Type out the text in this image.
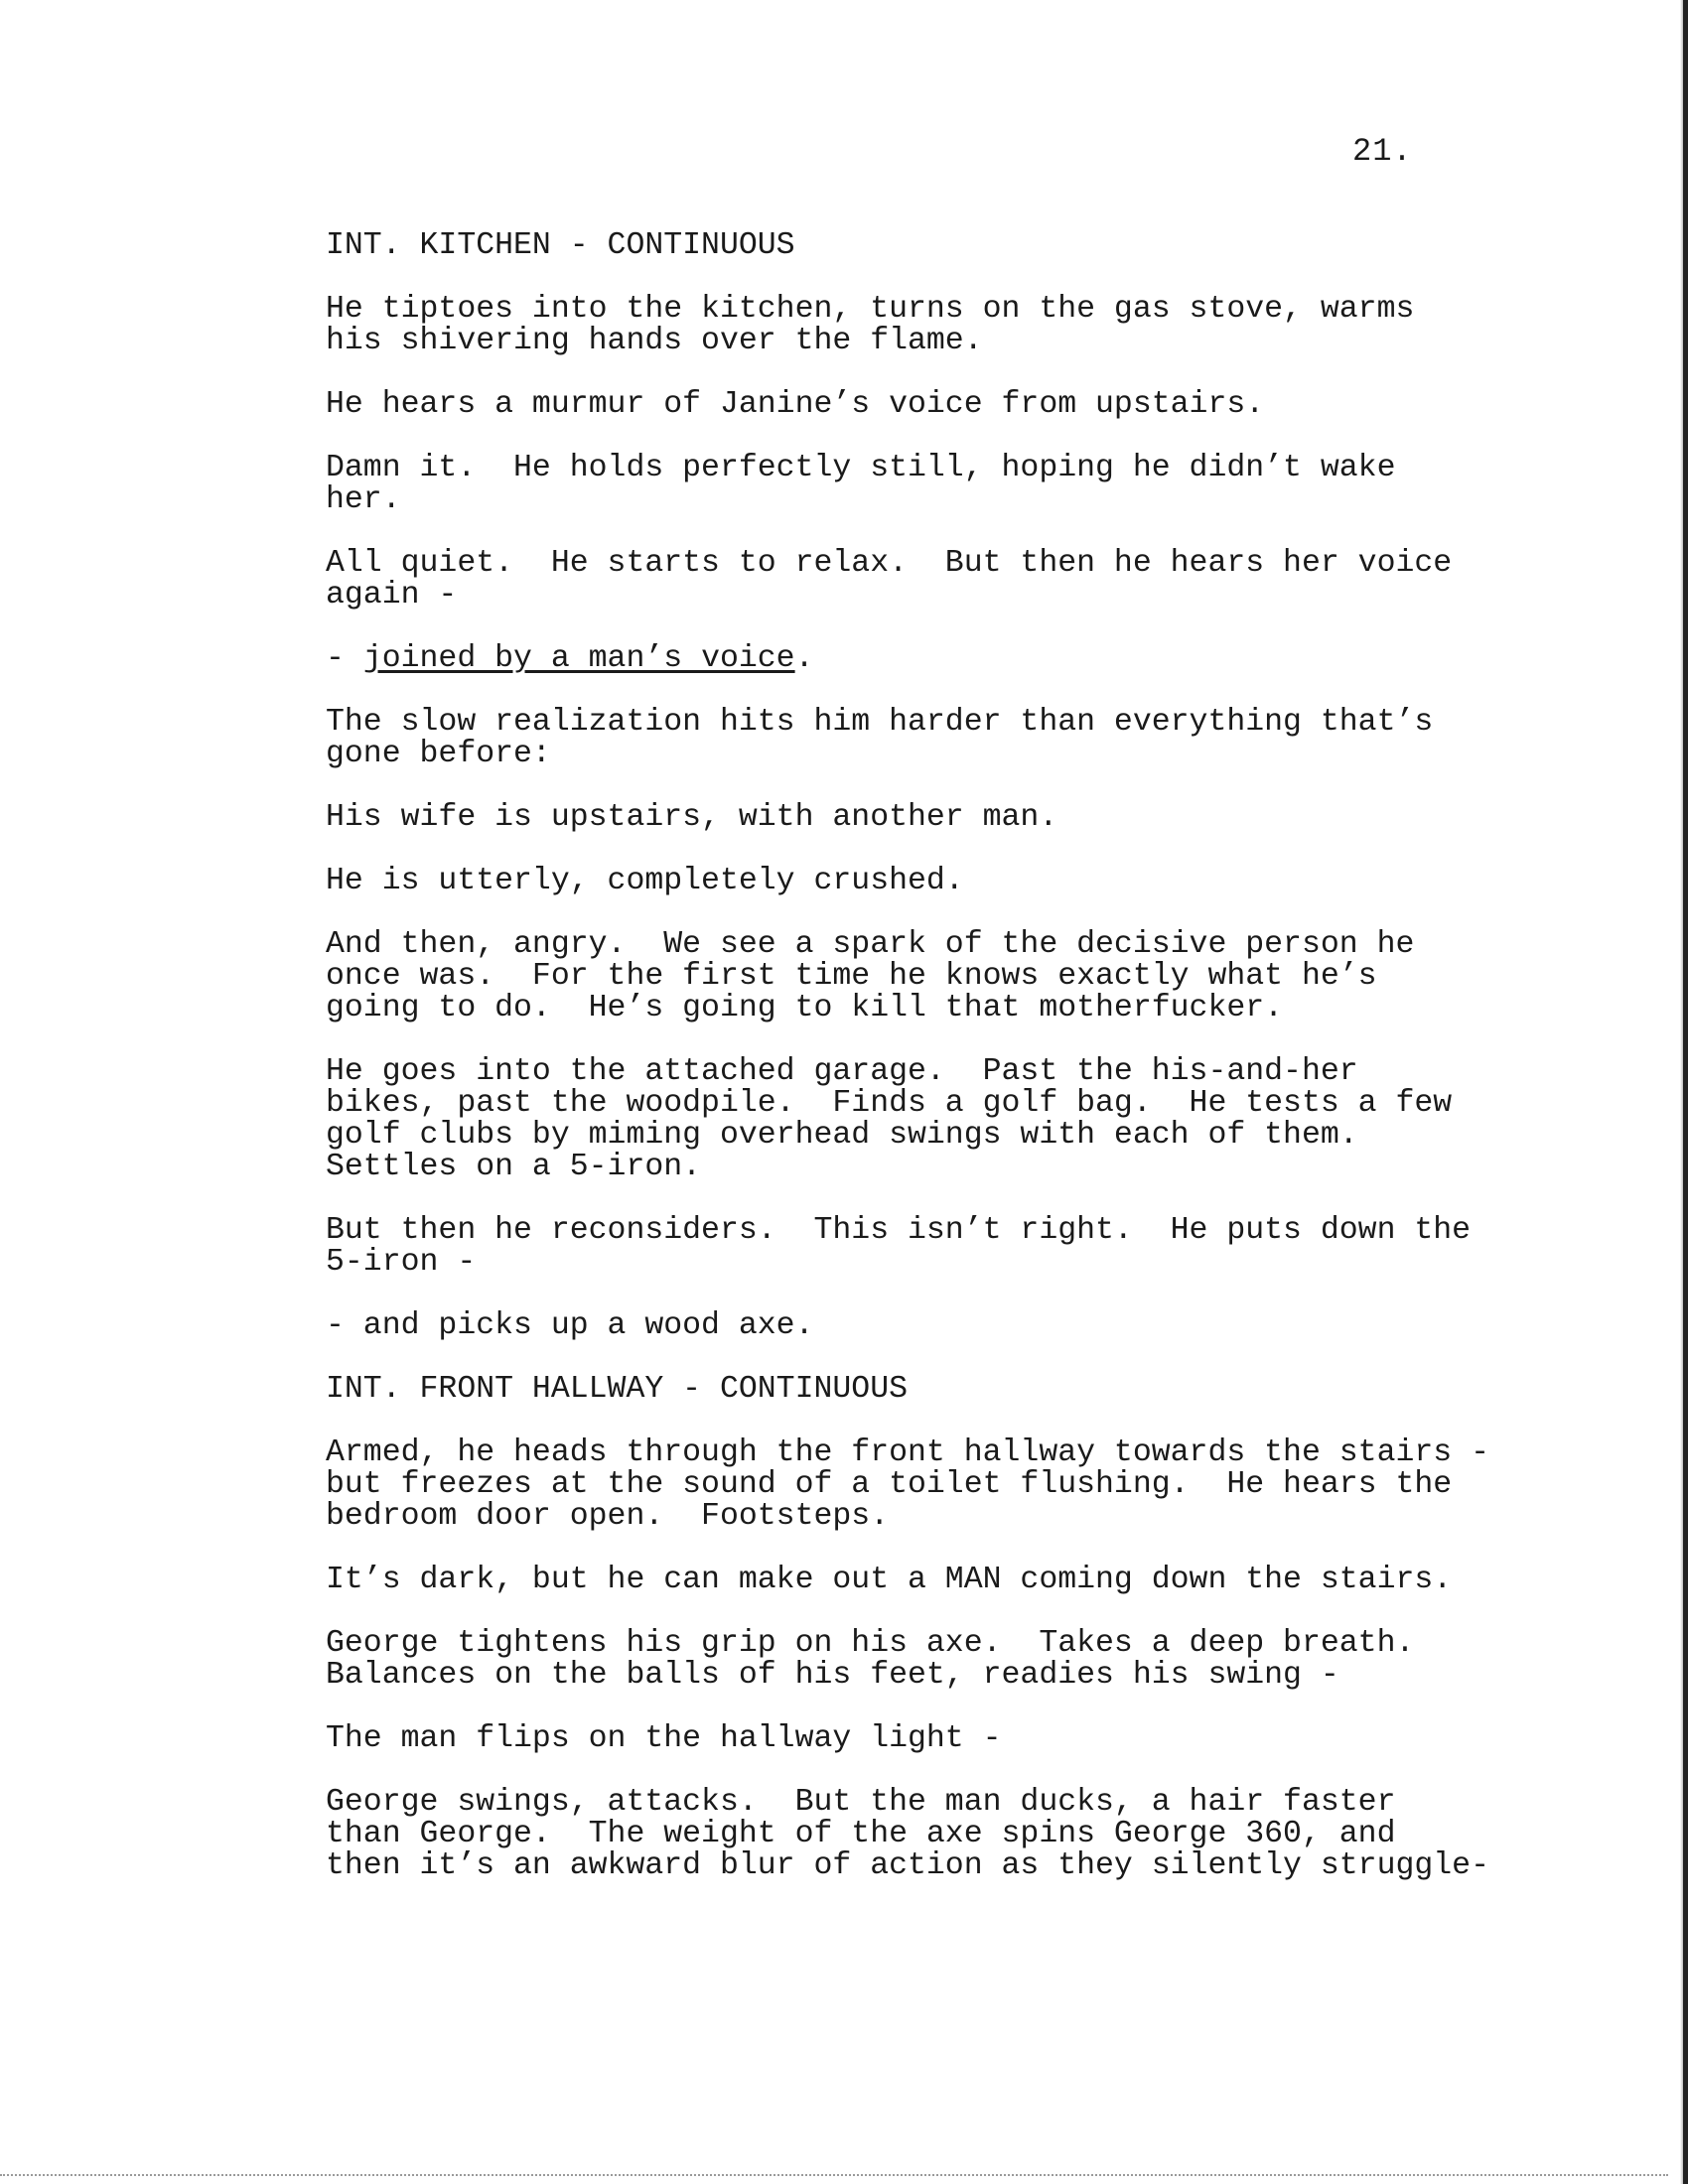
21.

INT. KITCHEN - CONTINUOUS

He tiptoes into the kitchen, turns on the gas stove, warms
his shivering hands over the flame.

He hears a murmur of Janine’s voice from upstairs.

Damn it.  He holds perfectly still, hoping he didn’t wake
her.

All quiet.  He starts to relax.  But then he hears her voice
again -

- joined by a man’s voice.

The slow realization hits him harder than everything that’s
gone before:

His wife is upstairs, with another man.

He is utterly, completely crushed.

And then, angry.  We see a spark of the decisive person he
once was.  For the first time he knows exactly what he’s
going to do.  He’s going to kill that motherfucker.

He goes into the attached garage.  Past the his-and-her
bikes, past the woodpile.  Finds a golf bag.  He tests a few
golf clubs by miming overhead swings with each of them.
Settles on a 5-iron.

But then he reconsiders.  This isn’t right.  He puts down the
5-iron -

- and picks up a wood axe.

INT. FRONT HALLWAY - CONTINUOUS

Armed, he heads through the front hallway towards the stairs -
but freezes at the sound of a toilet flushing.  He hears the
bedroom door open.  Footsteps.

It’s dark, but he can make out a MAN coming down the stairs.

George tightens his grip on his axe.  Takes a deep breath.
Balances on the balls of his feet, readies his swing -

The man flips on the hallway light -

George swings, attacks.  But the man ducks, a hair faster
than George.  The weight of the axe spins George 360, and
then it’s an awkward blur of action as they silently struggle-
